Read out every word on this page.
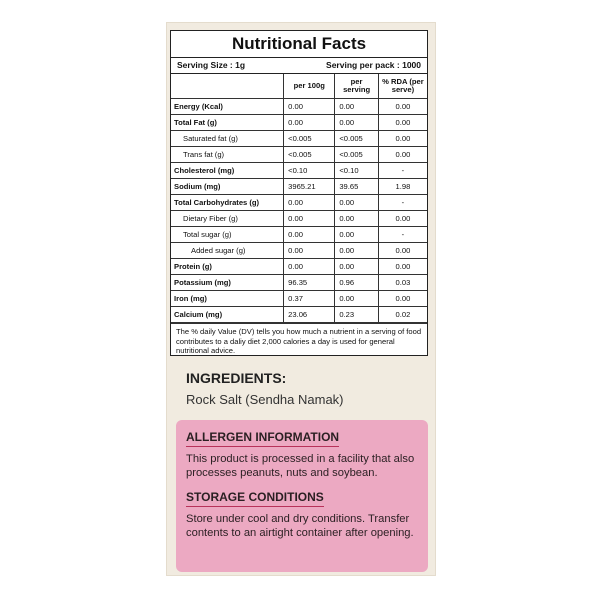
Nutritional Facts
Serving Size : 1g	Serving per pack : 1000
	per 100g	per serving	% RDA (per serve)
Energy (Kcal)	0.00	0.00	0.00
Total Fat (g)	0.00	0.00	0.00
Saturated fat (g)	<0.005	<0.005	0.00
Trans fat (g)	<0.005	<0.005	0.00
Cholesterol (mg)	<0.10	<0.10	-
Sodium (mg)	3965.21	39.65	1.98
Total Carbohydrates (g)	0.00	0.00	-
Dietary Fiber (g)	0.00	0.00	0.00
Total sugar (g)	0.00	0.00	-
Added sugar (g)	0.00	0.00	0.00
Protein (g)	0.00	0.00	0.00
Potassium (mg)	96.35	0.96	0.03
Iron (mg)	0.37	0.00	0.00
Calcium (mg)	23.06	0.23	0.02
The % daily Value (DV) tells you how much a nutrient in a serving of food contributes to a daliy diet 2,000 calories a day is used for general nutritional advice.
INGREDIENTS:
Rock Salt (Sendha Namak)
ALLERGEN INFORMATION
This product is processed in a facility that also processes peanuts, nuts and soybean.
STORAGE CONDITIONS
Store under cool and dry conditions. Transfer contents to an airtight container after opening.
